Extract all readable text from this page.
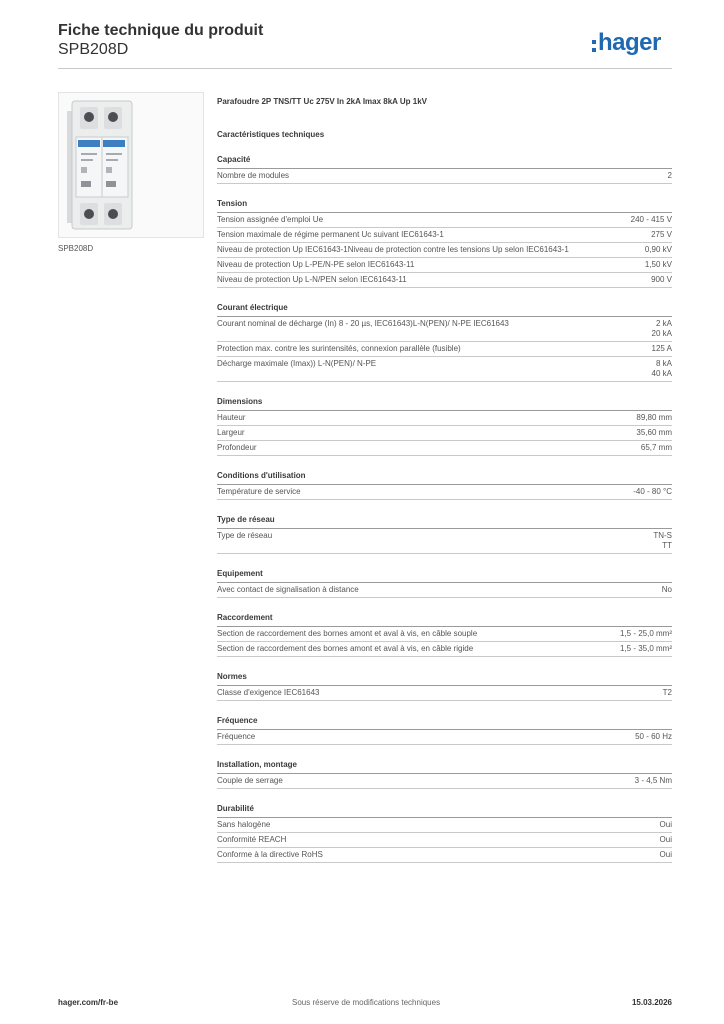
Fiche technique du produit
SPB208D	hager
SPB208D
Parafoudre 2P TNS/TT Uc 275V In 2kA Imax 8kA Up 1kV
Caractéristiques techniques
Capacité
Nombre de modules	2
Tension
Tension assignée d'emploi Ue	240 - 415 V
Tension maximale de régime permanent Uc suivant IEC61643-1	275 V
Niveau de protection Up IEC61643-1Niveau de protection contre les tensions Up selon IEC61643-1	0,90 kV
Niveau de protection Up L-PE/N-PE selon IEC61643-11	1,50 kV
Niveau de protection Up L-N/PEN selon IEC61643-11	900 V
Courant électrique
Courant nominal de décharge (In) 8 - 20 µs, IEC61643)L-N(PEN)/ N-PE IEC61643	2 kA
20 kA
Protection max. contre les surintensités, connexion parallèle (fusible)	125 A
Décharge maximale (Imax)) L-N(PEN)/ N-PE	8 kA
40 kA
Dimensions
Hauteur	89,80 mm
Largeur	35,60 mm
Profondeur	65,7 mm
Conditions d'utilisation
Température de service	-40 - 80 °C
Type de réseau
Type de réseau	TN-S
TT
Equipement
Avec contact de signalisation à distance	No
Raccordement
Section de raccordement des bornes amont et aval à vis, en câble souple	1,5 - 25,0 mm²
Section de raccordement des bornes amont et aval à vis, en câble rigide	1,5 - 35,0 mm²
Normes
Classe d'exigence IEC61643	T2
Fréquence
Fréquence	50 - 60 Hz
Installation, montage
Couple de serrage	3 - 4,5 Nm
Durabilité
Sans halogène	Oui
Conformité REACH	Oui
Conforme à la directive RoHS	Oui
hager.com/fr-be	Sous réserve de modifications techniques	15.03.2026
